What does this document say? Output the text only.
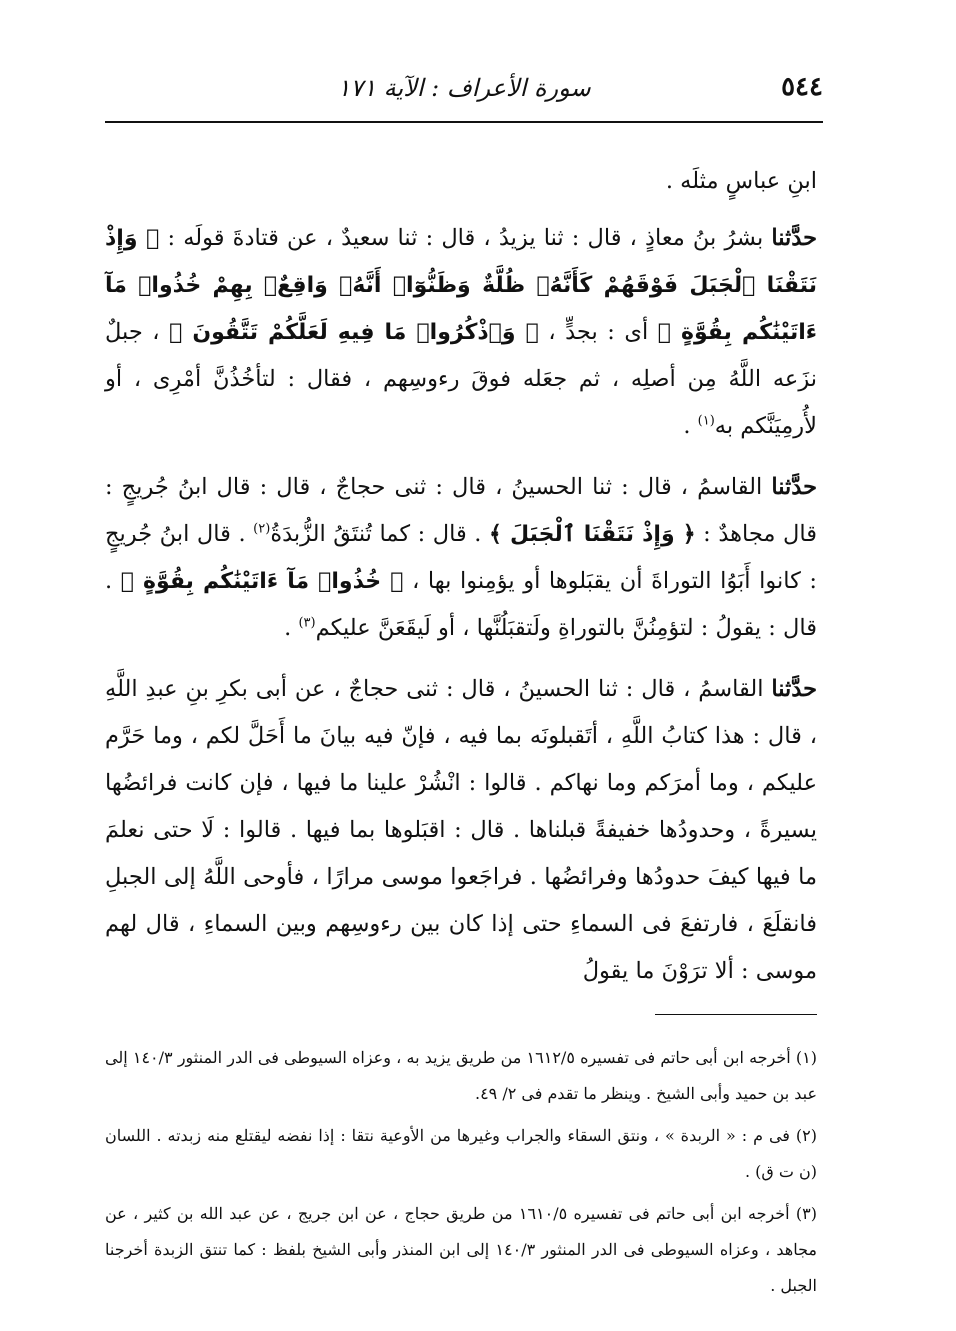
٥٤٤
سورة الأعراف : الآية ١٧١

ابنِ عباسٍ مثلَه .

حدَّثنا بشرُ بنُ معاذٍ ، قال : ثنا يزيدُ ، قال : ثنا سعيدٌ ، عن قتادةَ قولَه : ﴿ وَإِذْ نَتَقْنَا ٱلْجَبَلَ فَوْقَهُمْ كَأَنَّهُۥ ظُلَّةٌ وَظَنُّوٓا۟ أَنَّهُۥ وَاقِعٌۢ بِهِمْ خُذُوا۟ مَآ ءَاتَيْنَٰكُم بِقُوَّةٍ ﴾ أى : بجدٍّ ، ﴿ وَٱذْكُرُوا۟ مَا فِيهِ لَعَلَّكُمْ تَتَّقُونَ ﴾ ، جبلٌ نزَعه اللَّهُ مِن أصلِه ، ثم جعَله فوقَ رءوسِهم ، فقال : لتأخُذُنَّ أمْرِى ، أو لأُرمِيَنَّكم به$^{(١)}$ .

حدَّثنا القاسمُ ، قال : ثنا الحسينُ ، قال : ثنى حجاجٌ ، قال : قال ابنُ جُريجٍ : قال مجاهدٌ : ﴿ وَإِذْ نَتَقْنَا ٱلْجَبَلَ ﴾ . قال : كما تُنتَقُ الزُّبدَةُ$^{(٢)}$ . قال ابنُ جُريجٍ : كانوا أَبَوُا التوراةَ أن يقبَلوها أو يؤمِنوا بها ، ﴿ خُذُوا۟ مَآ ءَاتَيْنَٰكُم بِقُوَّةٍ ﴾ . قال : يقولُ : لتؤمِنُنَّ بالتوراةِ ولَتقبَلُنَّها ، أو لَيقَعَنَّ عليكم$^{(٣)}$ .

حدَّثنا القاسمُ ، قال : ثنا الحسينُ ، قال : ثنى حجاجٌ ، عن أبى بكرِ بنِ عبدِ اللَّهِ ، قال : هذا كتابُ اللَّهِ ، أتَقبلونَه بما فيه ، فإنّ فيه بيانَ ما أَحَلَّ لكم ، وما حَرَّم عليكم ، وما أمرَكم وما نهاكم . قالوا : انْشُرْ علينا ما فيها ، فإن كانت فرائضُها يسيرةً ، وحدودُها خفيفةً قبلناها . قال : اقبَلوها بما فيها . قالوا : لَا حتى نعلمَ ما فيها كيفَ حدودُها وفرائضُها . فراجَعوا موسى مرارًا ، فأوحى اللَّهُ إلى الجبلِ فانقلَعَ ، فارتفعَ فى السماءِ حتى إذا كان بين رءوسِهم وبين السماءِ ، قال لهم موسى : ألا ترَوْنَ ما يقولُ

(١) أخرجه ابن أبى حاتم فى تفسيره ١٦١٢/٥ من طريق يزيد به ، وعزاه السيوطى فى الدر المنثور ١٤٠/٣ إلى عبد بن حميد وأبى الشيخ . وينظر ما تقدم فى ٢/ ٤٩.

(٢) فى م : « الربدة » ، ونتق السقاء والجراب وغيرها من الأوعية نتقا : إذا نفضه ليقتلع منه زبدته . اللسان (ن ت ق) .

(٣) أخرجه ابن أبى حاتم فى تفسيره ١٦١٠/٥ من طريق حجاج ، عن ابن جريج ، عن عبد الله بن كثير ، عن مجاهد ، وعزاه السيوطى فى الدر المنثور ١٤٠/٣ إلى ابن المنذر وأبى الشيخ بلفظ : كما تنتق الزبدة أخرجنا الجبل .
